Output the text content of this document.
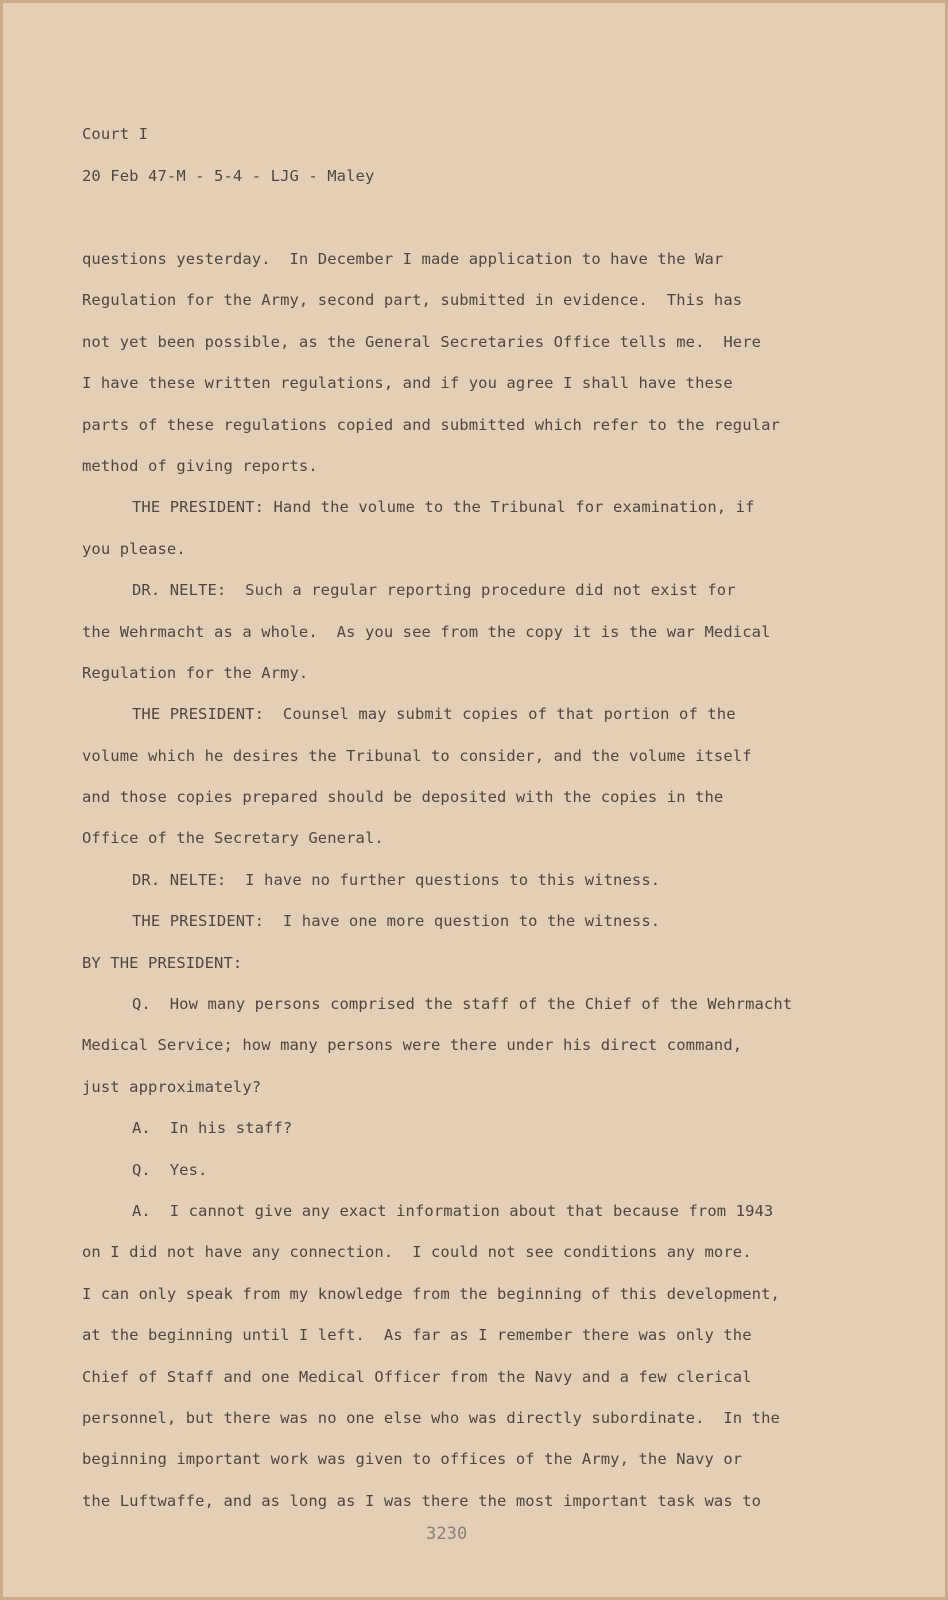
Court I
20 Feb 47-M - 5-4 - LJG - Maley
questions yesterday.  In December I made application to have the War
Regulation for the Army, second part, submitted in evidence.  This has
not yet been possible, as the General Secretaries Office tells me.  Here
I have these written regulations, and if you agree I shall have these
parts of these regulations copied and submitted which refer to the regular
method of giving reports.
THE PRESIDENT: Hand the volume to the Tribunal for examination, if
you please.
DR. NELTE:  Such a regular reporting procedure did not exist for
the Wehrmacht as a whole.  As you see from the copy it is the war Medical
Regulation for the Army.
THE PRESIDENT:  Counsel may submit copies of that portion of the
volume which he desires the Tribunal to consider, and the volume itself
and those copies prepared should be deposited with the copies in the
Office of the Secretary General.
DR. NELTE:  I have no further questions to this witness.
THE PRESIDENT:  I have one more question to the witness.
BY THE PRESIDENT:
Q.  How many persons comprised the staff of the Chief of the Wehrmacht
Medical Service; how many persons were there under his direct command,
just approximately?
A.  In his staff?
Q.  Yes.
A.  I cannot give any exact information about that because from 1943
on I did not have any connection.  I could not see conditions any more.
I can only speak from my knowledge from the beginning of this development,
at the beginning until I left.  As far as I remember there was only the
Chief of Staff and one Medical Officer from the Navy and a few clerical
personnel, but there was no one else who was directly subordinate.  In the
beginning important work was given to offices of the Army, the Navy or
the Luftwaffe, and as long as I was there the most important task was to
3230
